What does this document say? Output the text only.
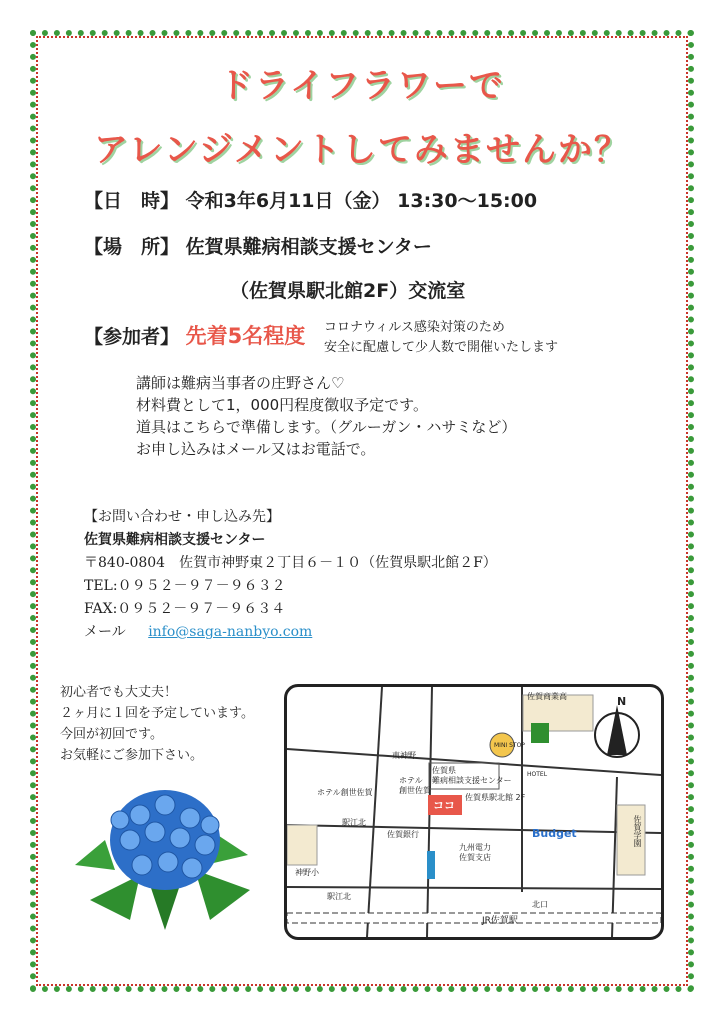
ドライフラワーで
アレンジメントしてみませんか？
【日　時】 令和3年6月11日（金） 13:30〜15:00
【場　所】 佐賀県難病相談支援センター
（佐賀県駅北館2F）交流室
【参加者】 先着5名程度 コロナウィルス感染対策のため
安全に配慮して少人数で開催いたします
講師は難病当事者の庄野さん♡
材料費として1，000円程度徴収予定です。
道具はこちらで準備します。（グルーガン・ハサミなど）
お申し込みはメール又はお電話で。
【お問い合わせ・申し込み先】
佐賀県難病相談支援センター
〒840-0804　佐賀市神野東２丁目６－１０（佐賀県駅北館２F）
TEL:０９５２－９７－９６３２
FAX:０９５２－９７－９６３４
メール info@saga-nanbyo.com
初心者でも大丈夫！
２ヶ月に１回を予定しています。
今回が初回です。
お気軽にご参加下さい。
N
佐賀商業高
東神野
ホテル創世佐賀
ホテル
創世佐賀
佐賀県
難病相談支援センター
佐賀県駅北館 2F
ココ
駅江北
佐賀銀行
九州電力
佐賀支店
Budget
神野小
佐賀学園
駅江北
北口
JR佐賀駅
MINI STOP
HOTEL
